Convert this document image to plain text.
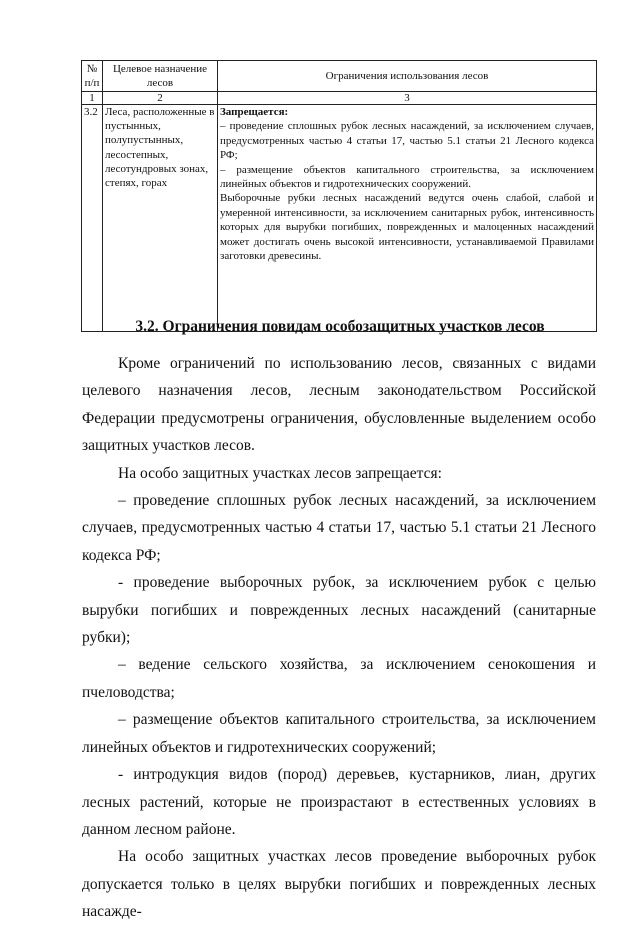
№ п/п	Целевое назначение лесов	Ограничения использования лесов
1	2	3
3.2	Леса, расположенные в пустынных, полупустынных, лесостепных, лесотундровых зонах, степях, горах	Запрещается:

– проведение сплошных рубок лесных насаждений, за исключением случаев, предусмотренных частью 4 статьи 17, частью 5.1 статьи 21 Лесного кодекса РФ;

– размещение объектов капитального строительства, за исключением линейных объектов и гидротехнических сооружений.

Выборочные рубки лесных насаждений ведутся очень слабой, слабой и умеренной интенсивности, за исключением санитарных рубок, интенсивность которых для вырубки погибших, поврежденных и малоценных насаждений может достигать очень высокой интенсивности, устанавливаемой Правилами заготовки древесины.

3.2. Ограничения повидам особозащитных участков лесов

Кроме ограничений по использованию лесов, связанных с видами целевого назначения лесов, лесным законодательством Российской Федерации предусмотрены ограничения, обусловленные выделением особо защитных участков лесов.

На особо защитных участках лесов запрещается:

– проведение сплошных рубок лесных насаждений, за исключением случаев, предусмотренных частью 4 статьи 17, частью 5.1 статьи 21 Лесного кодекса РФ;

- проведение выборочных рубок, за исключением рубок с целью вырубки погибших и поврежденных лесных насаждений (санитарные рубки);

– ведение сельского хозяйства, за исключением сенокошения и пчеловодства;

– размещение объектов капитального строительства, за исключением линейных объектов и гидротехнических сооружений;

- интродукция видов (пород) деревьев, кустарников, лиан, других лесных растений, которые не произрастают в естественных условиях в данном лесном районе.

На особо защитных участках лесов проведение выборочных рубок допускается только в целях вырубки погибших и поврежденных лесных насажде-
